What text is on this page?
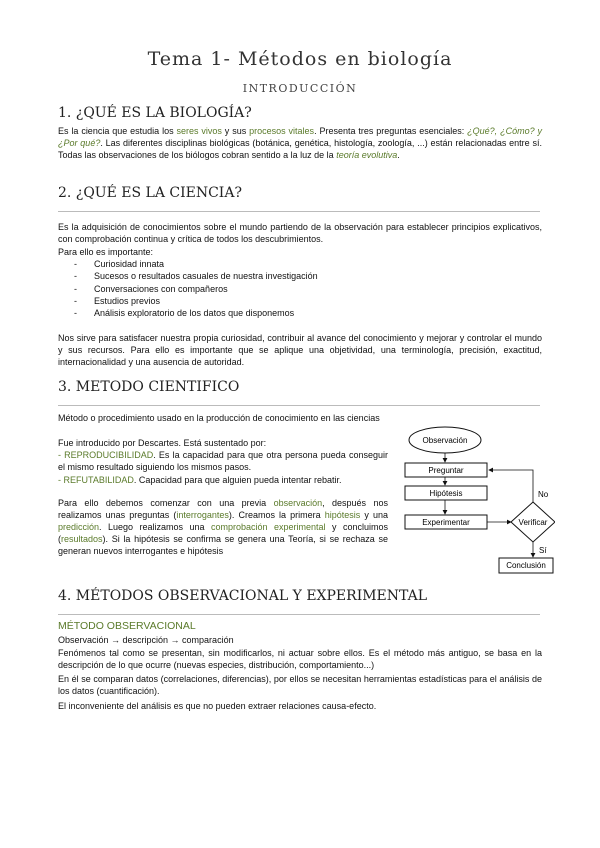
Tema 1- Métodos en biología
INTRODUCCIÓN
1. ¿QUÉ ES LA BIOLOGÍA?
Es la ciencia que estudia los seres vivos y sus procesos vitales. Presenta tres preguntas esenciales: ¿Qué?, ¿Cómo? y ¿Por qué?. Las diferentes disciplinas biológicas (botánica, genética, histología, zoología, ...) están relacionadas entre sí. Todas las observaciones de los biólogos cobran sentido a la luz de la teoría evolutiva.
2. ¿QUÉ ES LA CIENCIA?
Es la adquisición de conocimientos sobre el mundo partiendo de la observación para establecer principios explicativos, con comprobación continua y crítica de todos los descubrimientos.
Para ello es importante:
- Curiosidad innata
- Sucesos o resultados casuales de nuestra investigación
- Conversaciones con compañeros
- Estudios previos
- Análisis exploratorio de los datos que disponemos
Nos sirve para satisfacer nuestra propia curiosidad, contribuir al avance del conocimiento y mejorar y controlar el mundo y sus recursos. Para ello es importante que se aplique una objetividad, una terminología, precisión, exactitud, internacionalidad y una ausencia de autoridad.
3. METODO CIENTIFICO
Método o procedimiento usado en la producción de conocimiento en las ciencias
Fue introducido por Descartes. Está sustentado por:
- REPRODUCIBILIDAD. Es la capacidad para que otra persona pueda conseguir el mismo resultado siguiendo los mismos pasos.
- REFUTABILIDAD. Capacidad para que alguien pueda intentar rebatir.
Para ello debemos comenzar con una previa observación, después nos realizamos unas preguntas (interrogantes). Creamos la primera hipótesis y una predicción. Luego realizamos una comprobación experimental y concluimos (resultados). Si la hipótesis se confirma se genera una Teoría, si se rechaza se generan nuevos interrogantes e hipótesis
Observación
Preguntar
Hipótesis
Experimentar	Verificar
No
Sí
Conclusión
4. MÉTODOS OBSERVACIONAL Y EXPERIMENTAL
MÉTODO OBSERVACIONAL
Observación → descripción → comparación
Fenómenos tal como se presentan, sin modificarlos, ni actuar sobre ellos. Es el método más antiguo, se basa en la descripción de lo que ocurre (nuevas especies, distribución, comportamiento...)
En él se comparan datos (correlaciones, diferencias), por ellos se necesitan herramientas estadísticas para el análisis de los datos (cuantificación).
El inconveniente del análisis es que no pueden extraer relaciones causa-efecto.
